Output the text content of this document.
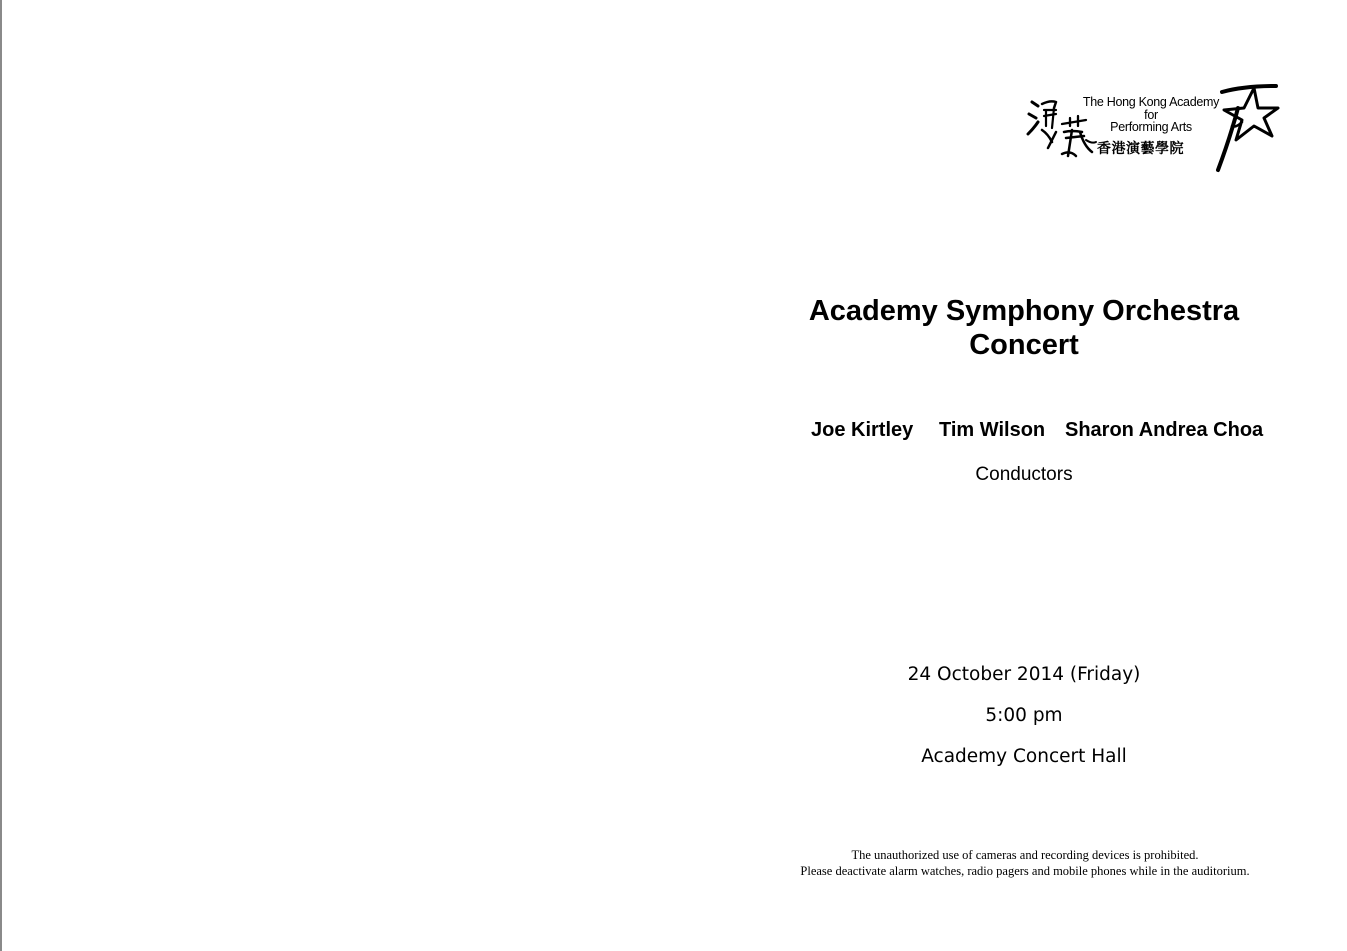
The Hong Kong Academy
for
Performing Arts
香港演藝學院
Academy Symphony Orchestra
Concert
Joe Kirtley Tim Wilson Sharon Andrea Choa
Conductors
24 October 2014 (Friday)
5:00 pm
Academy Concert Hall
The unauthorized use of cameras and recording devices is prohibited.
Please deactivate alarm watches, radio pagers and mobile phones while in the auditorium.
